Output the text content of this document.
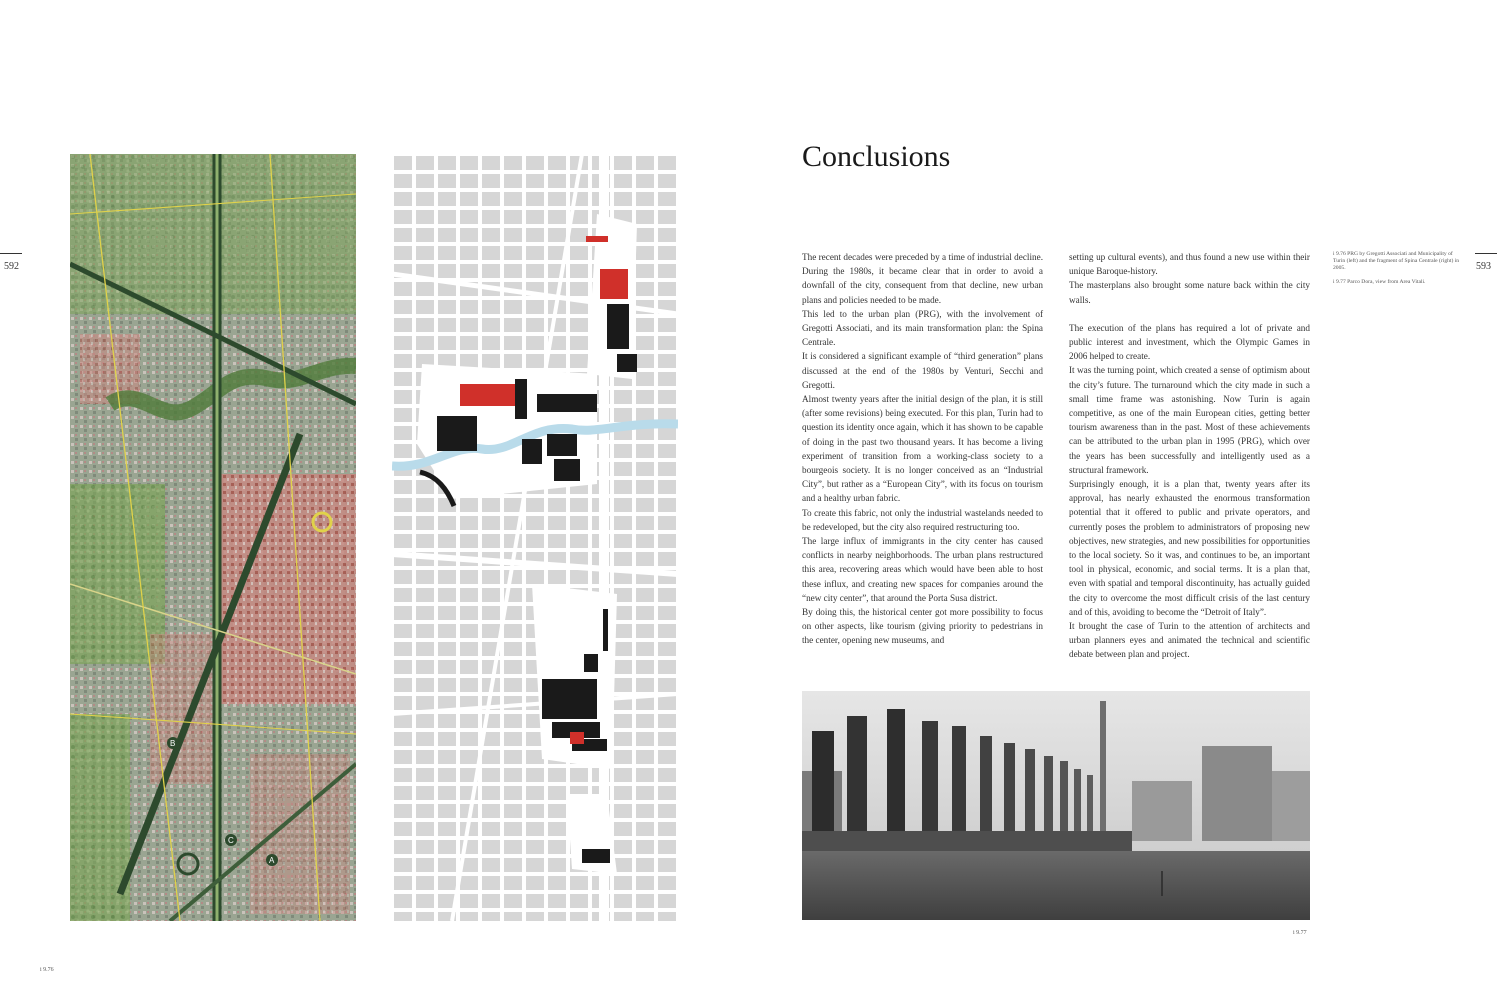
592	593
B
C
A
i 9.76
Conclusions

The recent decades were preceded by a time of industrial decline. During the 1980s, it became clear that in order to avoid a downfall of the city, consequent from that decline, new urban plans and policies needed to be made.

This led to the urban plan (PRG), with the involvement of Gregotti Associati, and its main transformation plan: the Spina Centrale.

It is considered a significant example of “third generation” plans discussed at the end of the 1980s by Venturi, Secchi and Gregotti.

Almost twenty years after the initial design of the plan, it is still (after some revisions) being executed. For this plan, Turin had to question its identity once again, which it has shown to be capable of doing in the past two thousand years. It has become a living experiment of transition from a working-class society to a bourgeois society. It is no longer conceived as an “Industrial City”, but rather as a “European City”, with its focus on tourism and a healthy urban fabric.

To create this fabric, not only the industrial wastelands needed to be redeveloped, but the city also required restructuring too.

The large influx of immigrants in the city center has caused conflicts in nearby neighborhoods. The urban plans restructured this area, recovering areas which would have been able to host these influx, and creating new spaces for companies around the “new city center”, that around the Porta Susa district.

By doing this, the historical center got more possibility to focus on other aspects, like tourism (giving priority to pedestrians in the center, opening new museums, and

setting up cultural events), and thus found a new use within their unique Baroque-history.

The masterplans also brought some nature back within the city walls.

The execution of the plans has required a lot of private and public interest and investment, which the Olympic Games in 2006 helped to create.

It was the turning point, which created a sense of optimism about the city’s future. The turnaround which the city made in such a small time frame was astonishing. Now Turin is again competitive, as one of the main European cities, getting better tourism awareness than in the past. Most of these achievements can be attributed to the urban plan in 1995 (PRG), which over the years has been successfully and intelligently used as a structural framework.

Surprisingly enough, it is a plan that, twenty years after its approval, has nearly exhausted the enormous transformation potential that it offered to public and private operators, and currently poses the problem to administrators of proposing new objectives, new strategies, and new possibilities for opportunities to the local society. So it was, and continues to be, an important tool in physical, economic, and social terms. It is a plan that, even with spatial and temporal discontinuity, has actually guided the city to overcome the most difficult crisis of the last century and of this, avoiding to become the “Detroit of Italy”.

It brought the case of Turin to the attention of architects and urban planners eyes and animated the technical and scientific debate between plan and project.

i 9.76 PRG by Gregotti Associati and Municipality of Turin (left) and the fragment of Spina Centrale (right) in 2005.

i 9.77 Parco Dora, view from Area Vitali.

i 9.77
